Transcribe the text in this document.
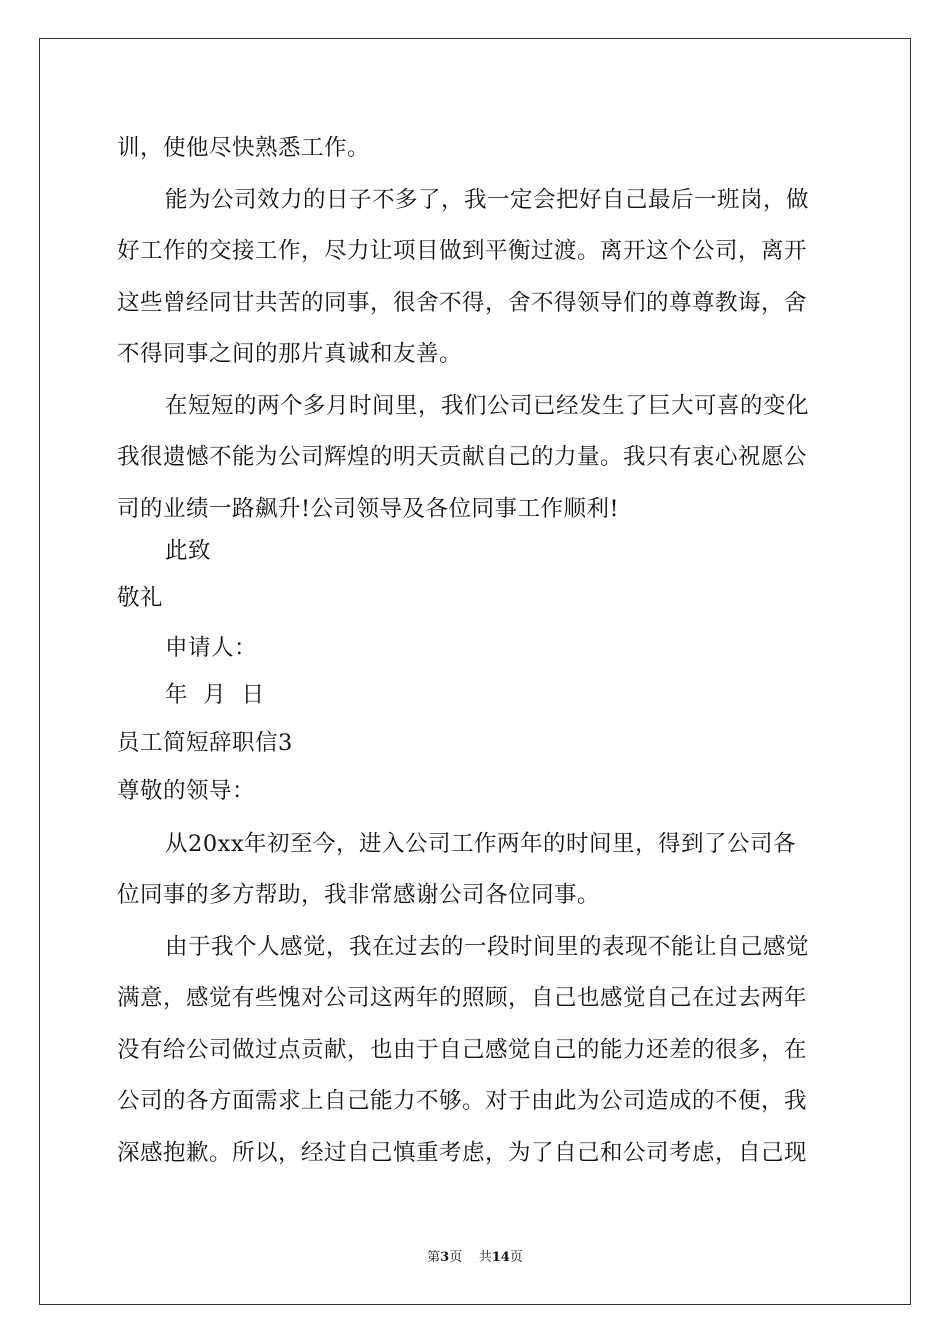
训，使他尽快熟悉工作。
能为公司效力的日子不多了，我一定会把好自己最后一班岗，做
好工作的交接工作，尽力让项目做到平衡过渡。离开这个公司，离开
这些曾经同甘共苦的同事，很舍不得，舍不得领导们的尊尊教诲，舍
不得同事之间的那片真诚和友善。
在短短的两个多月时间里，我们公司已经发生了巨大可喜的变化
我很遗憾不能为公司辉煌的明天贡献自己的力量。我只有衷心祝愿公
司的业绩一路飙升!公司领导及各位同事工作顺利!
此致
敬礼
申请人：
年  月  日
员工简短辞职信3
尊敬的领导：
从20xx年初至今，进入公司工作两年的时间里，得到了公司各
位同事的多方帮助，我非常感谢公司各位同事。
由于我个人感觉，我在过去的一段时间里的表现不能让自己感觉
满意，感觉有些愧对公司这两年的照顾，自己也感觉自己在过去两年
没有给公司做过点贡献，也由于自己感觉自己的能力还差的很多，在
公司的各方面需求上自己能力不够。对于由此为公司造成的不便，我
深感抱歉。所以，经过自己慎重考虑，为了自己和公司考虑，自己现
第3页 共14页
